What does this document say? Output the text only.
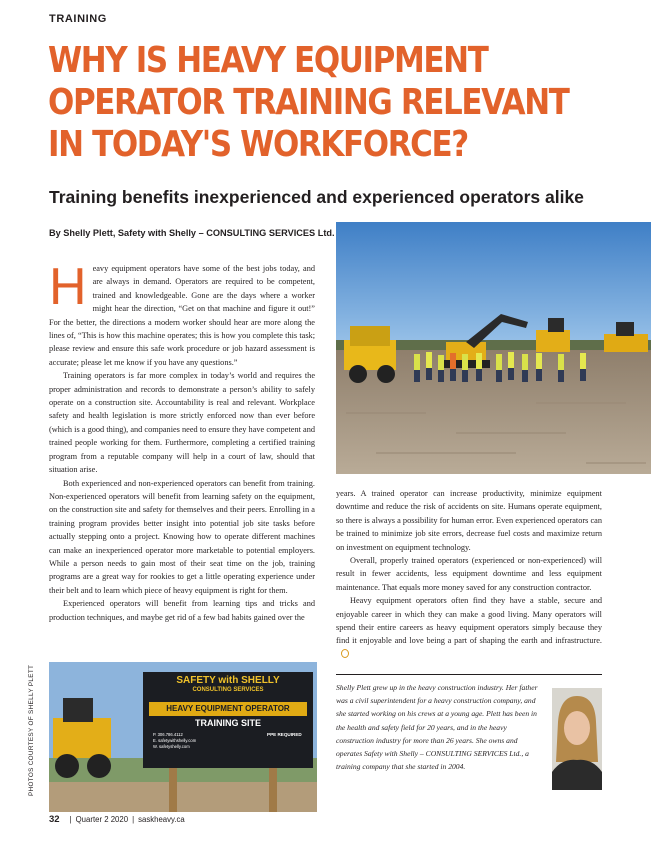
TRAINING
WHY IS HEAVY EQUIPMENT
OPERATOR TRAINING RELEVANT
IN TODAY'S WORKFORCE?
Training benefits inexperienced and experienced operators alike
By Shelly Plett, Safety with Shelly – CONSULTING SERVICES Ltd.

Heavy equipment operators have some of the best jobs today, and are always in demand. Operators are required to be competent, trained and knowledgeable. Gone are the days where a worker might hear the direction, “Get on that machine and figure it out!” For the better, the directions a modern worker should hear are more along the lines of, “This is how this machine operates; this is how you complete this task; please review and ensure this safe work procedure or job hazard assessment is accurate; please let me know if you have any questions.”

Training operators is far more complex in today’s world and requires the proper administration and records to demonstrate a person’s ability to safely operate on a construction site. Accountability is real and relevant. Workplace safety and health legislation is more strictly enforced now than ever before (which is a good thing), and companies need to ensure they have competent and trained people working for them. Furthermore, completing a certified training program from a reputable company will help in a court of law, should that situation arise.

Both experienced and non-experienced operators can benefit from training. Non-experienced operators will benefit from learning safety on the equipment, on the construction site and safety for themselves and their peers. Enrolling in a training program provides better insight into potential job site tasks before actually stepping onto a project. Knowing how to operate different machines can make an inexperienced operator more marketable to potential employers. While a person needs to gain most of their seat time on the job, training programs are a great way for rookies to get a little operating experience under their belt and to learn which piece of heavy equipment is right for them.

Experienced operators will benefit from learning tips and tricks and production techniques, and maybe get rid of a few bad habits gained over the

years. A trained operator can increase productivity, minimize equipment downtime and reduce the risk of accidents on site. Humans operate equipment, so there is always a possibility for human error. Even experienced operators can be trained to minimize job site errors, decrease fuel costs and maximize return on investment on equipment technology.

Overall, properly trained operators (experienced or non-experienced) will result in fewer accidents, less equipment downtime and less equipment maintenance. That equals more money saved for any construction contractor.

Heavy equipment operators often find they have a stable, secure and enjoyable career in which they can make a good living. Many operators will spend their entire careers as heavy equipment operators simply because they find it enjoyable and love being a part of shaping the earth and infrastructure.

SAFETY with SHELLY
CONSULTING SERVICES
HEAVY EQUIPMENT OPERATOR
TRAINING SITE
P. 306.786.4112
E. safetywithshelly.com
W. safetyshelly.com
PPE REQUIRED
PHOTOS COURTESY OF SHELLY PLETT	Shelly Plett grew up in the heavy construction industry. Her father was a civil superintendent for a heavy construction company, and she started working on his crews at a young age. Plett has been in the health and safety field for 20 years, and in the heavy construction industry for more than 26 years. She owns and operates Safety with Shelly – CONSULTING SERVICES Ltd., a training company that she started in 2004.
32 | Quarter 2 2020 | saskheavy.ca
